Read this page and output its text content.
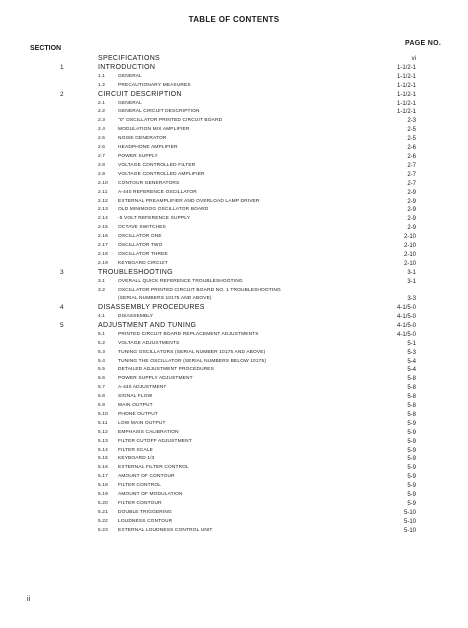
TABLE OF CONTENTS
SECTION
PAGE NO.
SPECIFICATIONS	vi
1	INTRODUCTION	1-1/2-1
1.1	GENERAL	1-1/2-1
1.2	PRECAUTIONARY MEASURES	1-1/2-1
2	CIRCUIT DESCRIPTION	1-1/2-1
2.1	GENERAL	1-1/2-1
2.2	GENERAL CIRCUIT DESCRIPTION	1-1/2-1
2.3	"0" OSCILLATOR PRINTED CIRCUIT BOARD	2-3
2.4	MODULATION MIX AMPLIFIER	2-5
2.5	NOISE GENERATOR	2-5
2.6	HEADPHONE AMPLIFIER	2-6
2.7	POWER SUPPLY	2-6
2.8	VOLTAGE CONTROLLED FILTER	2-7
2.9	VOLTAGE CONTROLLED AMPLIFIER	2-7
2.10 CONTOUR GENERATORS	2-7
2.11 A-440 REFERENCE OSCILLATOR	2-9
2.12 EXTERNAL PREAMPLIFIER AND OVERLOAD LAMP DRIVER	2-9
2.13 OLD MINIMOOG OSCILLATOR BOARD	2-9
2.14 -5 VOLT REFERENCE SUPPLY	2-9
2.15 OCTAVE SWITCHES	2-9
2.16 OSCILLATOR ONE	2-10
2.17 OSCILLATOR TWO	2-10
2.18 OSCILLATOR THREE	2-10
2.19 KEYBOARD CIRCUIT	2-10
3	TROUBLESHOOTING	3-1
3.1	OVERALL QUICK REFERENCE TROUBLESHOOTING	3-1
3.2	OSCILLATOR PRINTED CIRCUIT BOARD NO. 1 TROUBLESHOOTING
(SERIAL NUMBERS 10175 AND ABOVE)	3-3
4	DISASSEMBLY PROCEDURES	4-1/5-0
4.1	DISASSEMBLY	4-1/5-0
5	ADJUSTMENT AND TUNING	4-1/5-0
5.1	PRINTED CIRCUIT BOARD REPLACEMENT ADJUSTMENTS	4-1/5-0
5.2	VOLTAGE ADJUSTMENTS	5-1
5.3	TUNING OSCILLATORS (SERIAL NUMBER 10175 AND ABOVE)	5-3
5.4	TUNING THE OSCILLATOR (SERIAL NUMBERS BELOW 10175)	5-4
5.5	DETAILED ADJUSTMENT PROCEDURES	5-4
5.6	POWER SUPPLY ADJUSTMENT	5-8
5.7	A-440 ADJUSTMENT	5-8
5.8	SIGNAL FLOW	5-8
5.9	MAIN OUTPUT	5-8
5.10 PHONE OUTPUT	5-8
5.11 LOW MAIN OUTPUT	5-9
5.12 EMPHASIS CALIBRATION	5-9
5.13 FILTER CUTOFF ADJUSTMENT	5-9
5.14 FILTER SCALE	5-9
5.15 KEYBOARD 1/3	5-9
5.16 EXTERNAL FILTER CONTROL	5-9
5.17 AMOUNT OF CONTOUR	5-9
5.18 FILTER CONTROL	5-9
5.19 AMOUNT OF MODULATION	5-9
5.20 FILTER CONTOUR	5-9
5.21 DOUBLE TRIGGERING	5-10
5.22 LOUDNESS CONTOUR	5-10
5.23 EXTERNAL LOUDNESS CONTROL UNIT	5-10
ii
